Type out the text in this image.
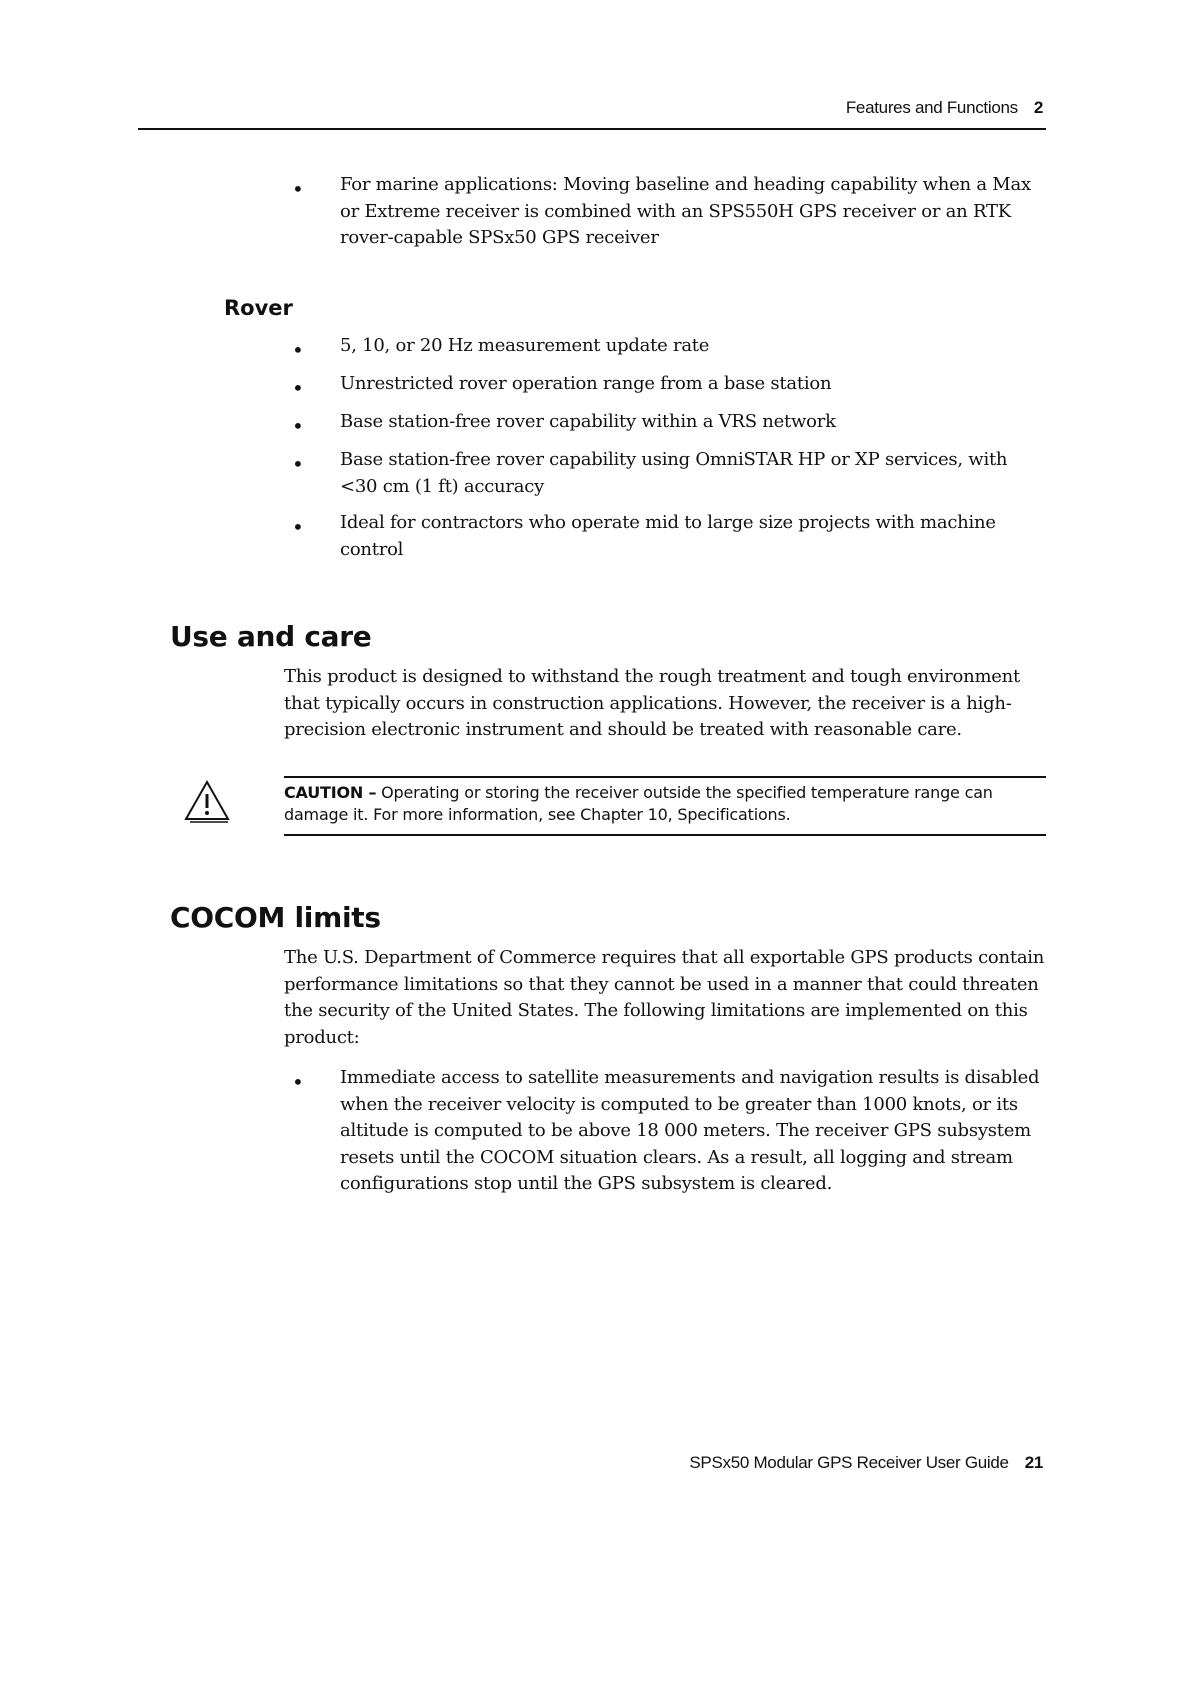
Features and Functions 2
• For marine applications: Moving baseline and heading capability when a Max or Extreme receiver is combined with an SPS550H GPS receiver or an RTK rover-capable SPSx50 GPS receiver

Rover
• 5, 10, or 20 Hz measurement update rate

• Unrestricted rover operation range from a base station

• Base station-free rover capability within a VRS network

• Base station-free rover capability using OmniSTAR HP or XP services, with <30 cm (1 ft) accuracy

• Ideal for contractors who operate mid to large size projects with machine control

Use and care

This product is designed to withstand the rough treatment and tough environment that typically occurs in construction applications. However, the receiver is a high-precision electronic instrument and should be treated with reasonable care.

CAUTION – Operating or storing the receiver outside the specified temperature range can damage it. For more information, see Chapter 10, Specifications.

COCOM limits

The U.S. Department of Commerce requires that all exportable GPS products contain performance limitations so that they cannot be used in a manner that could threaten the security of the United States. The following limitations are implemented on this product:

• Immediate access to satellite measurements and navigation results is disabled when the receiver velocity is computed to be greater than 1000 knots, or its altitude is computed to be above 18 000 meters. The receiver GPS subsystem resets until the COCOM situation clears. As a result, all logging and stream configurations stop until the GPS subsystem is cleared.

SPSx50 Modular GPS Receiver User Guide 21
